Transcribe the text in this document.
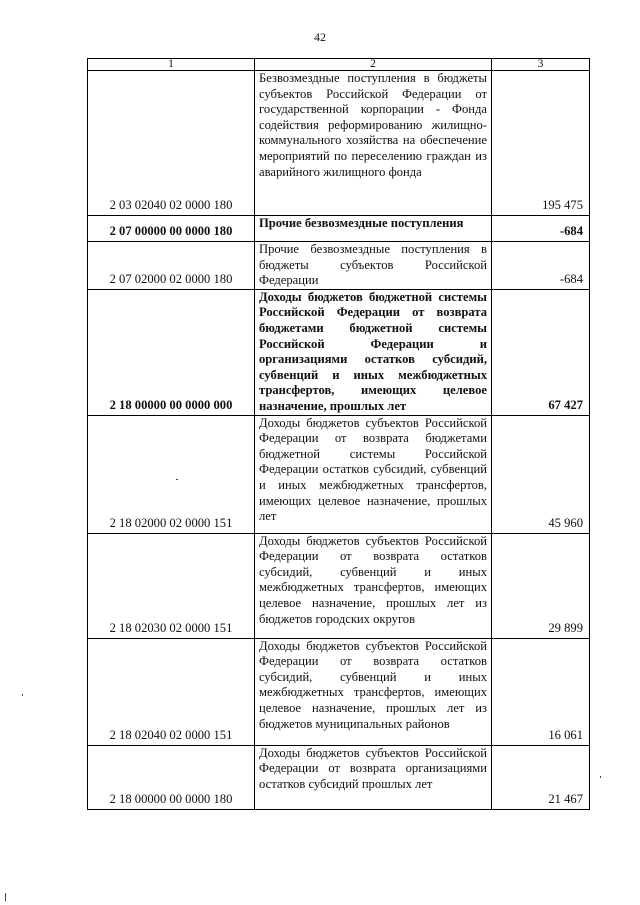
42
1	2	3
2 03 02040 02 0000 180	Безвозмездные поступления в бюджеты субъектов Российской Федерации от государственной корпорации - Фонда содействия реформированию жилищно-коммунального хозяйства на обеспечение мероприятий по переселению граждан из аварийного жилищного фонда	195 475
2 07 00000 00 0000 180	Прочие безвозмездные поступления	-684
2 07 02000 02 0000 180	Прочие безвозмездные поступления в бюджеты субъектов Российской Федерации	-684
2 18 00000 00 0000 000	Доходы бюджетов бюджетной системы Российской Федерации от возврата бюджетами бюджетной системы Российской Федерации и организациями остатков субсидий, субвенций и иных межбюджетных трансфертов, имеющих целевое назначение, прошлых лет	67 427
2 18 02000 02 0000 151	Доходы бюджетов субъектов Российской Федерации от возврата бюджетами бюджетной системы Российской Федерации остатков субсидий, субвенций и иных межбюджетных трансфертов, имеющих целевое назначение, прошлых лет	45 960
2 18 02030 02 0000 151	Доходы бюджетов субъектов Российской Федерации от возврата остатков субсидий, субвенций и иных межбюджетных трансфертов, имеющих целевое назначение, прошлых лет из бюджетов городских округов	29 899
2 18 02040 02 0000 151	Доходы бюджетов субъектов Российской Федерации от возврата остатков субсидий, субвенций и иных межбюджетных трансфертов, имеющих целевое назначение, прошлых лет из бюджетов муниципальных районов	16 061
2 18 00000 00 0000 180	Доходы бюджетов субъектов Российской Федерации от возврата организациями остатков субсидий прошлых лет	21 467
